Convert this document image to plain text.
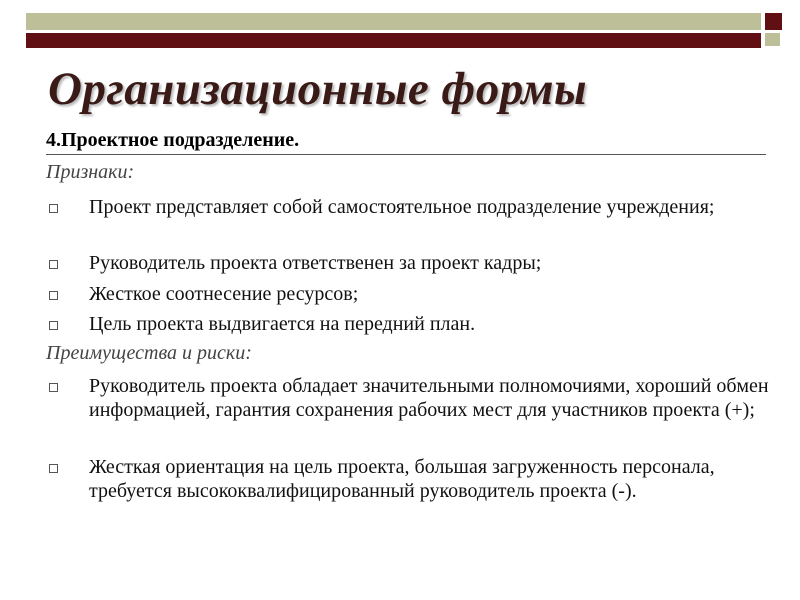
Организационные формы
4.Проектное подразделение.
Признаки:
Проект представляет собой самостоятельное подразделение учреждения;
Руководитель проекта ответственен за проект кадры;
Жесткое соотнесение ресурсов;
Цель проекта выдвигается на передний план.
Преимущества и риски:
Руководитель проекта обладает значительными полномочиями, хороший обмен информацией, гарантия сохранения рабочих мест для участников проекта (+);
Жесткая ориентация на цель проекта, большая загруженность персонала, требуется высококвалифицированный руководитель проекта (-).
